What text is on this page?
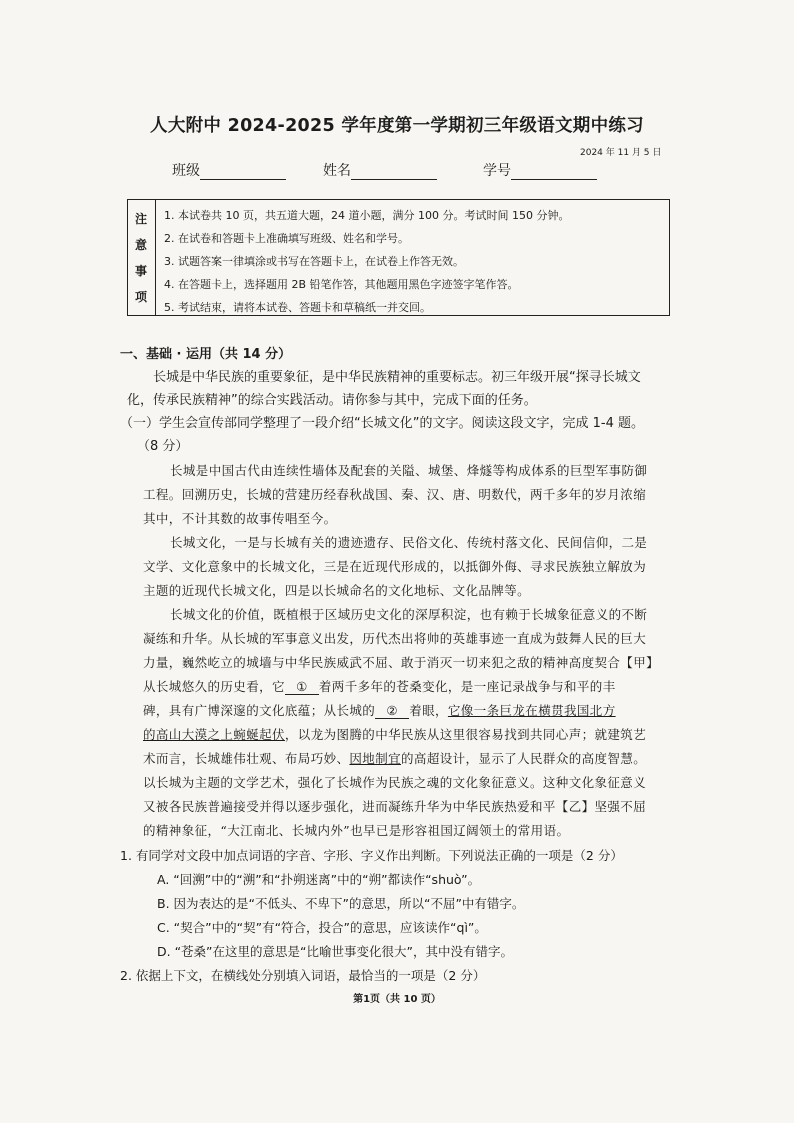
人大附中 2024-2025 学年度第一学期初三年级语文期中练习
2024 年 11 月 5 日
班级	姓名	学号
注
意
事
项
1. 本试卷共 10 页，共五道大题，24 道小题，满分 100 分。考试时间 150 分钟。
2. 在试卷和答题卡上准确填写班级、姓名和学号。
3. 试题答案一律填涂或书写在答题卡上，在试卷上作答无效。
4. 在答题卡上，选择题用 2B 铅笔作答，其他题用黑色字迹签字笔作答。
5. 考试结束，请将本试卷、答题卡和草稿纸一并交回。
一、基础 · 运用（共 14 分）
长城是中华民族的重要象征，是中华民族精神的重要标志。初三年级开展“探寻长城文
化，传承民族精神”的综合实践活动。请你参与其中，完成下面的任务。
（一）学生会宣传部同学整理了一段介绍“长城文化”的文字。阅读这段文字，完成 1-4 题。
（8 分）
长城是中国古代由连续性墙体及配套的关隘、城堡、烽燧等构成体系的巨型军事防御
工程。回溯历史，长城的营建历经春秋战国、秦、汉、唐、明数代，两千多年的岁月浓缩
其中，不计其数的故事传唱至今。
长城文化，一是与长城有关的遗迹遗存、民俗文化、传统村落文化、民间信仰，二是
文学、文化意象中的长城文化，三是在近现代形成的，以抵御外侮、寻求民族独立解放为
主题的近现代长城文化，四是以长城命名的文化地标、文化品牌等。
长城文化的价值，既植根于区域历史文化的深厚积淀，也有赖于长城象征意义的不断
凝练和升华。从长城的军事意义出发，历代杰出将帅的英雄事迹一直成为鼓舞人民的巨大
力量，巍然屹立的城墙与中华民族威武不屈、敢于消灭一切来犯之敌的精神高度契合【甲】
从长城悠久的历史看，它 ① 着两千多年的苍桑变化，是一座记录战争与和平的丰
碑，具有广博深邃的文化底蕴；从长城的 ② 着眼，它像一条巨龙在横贯我国北方
的高山大漠之上蜿蜒起伏，以龙为图腾的中华民族从这里很容易找到共同心声；就建筑艺
术而言，长城雄伟壮观、布局巧妙、因地制宜的高超设计，显示了人民群众的高度智慧。
以长城为主题的文学艺术，强化了长城作为民族之魂的文化象征意义。这种文化象征意义
又被各民族普遍接受并得以逐步强化，进而凝练升华为中华民族热爱和平【乙】坚强不屈
的精神象征，“大江南北、长城内外”也早已是形容祖国辽阔领土的常用语。
1. 有同学对文段中加点词语的字音、字形、字义作出判断。下列说法正确的一项是（2 分）
A. “回溯”中的“溯”和“扑朔迷离”中的“朔”都读作“shuò”。
B. 因为表达的是“不低头、不卑下”的意思，所以“不屈”中有错字。
C. “契合”中的“契”有“符合，投合”的意思，应该读作“qì”。
D. “苍桑”在这里的意思是“比喻世事变化很大”，其中没有错字。
2. 依据上下文，在横线处分别填入词语，最恰当的一项是（2 分）
第1页（共 10 页）
